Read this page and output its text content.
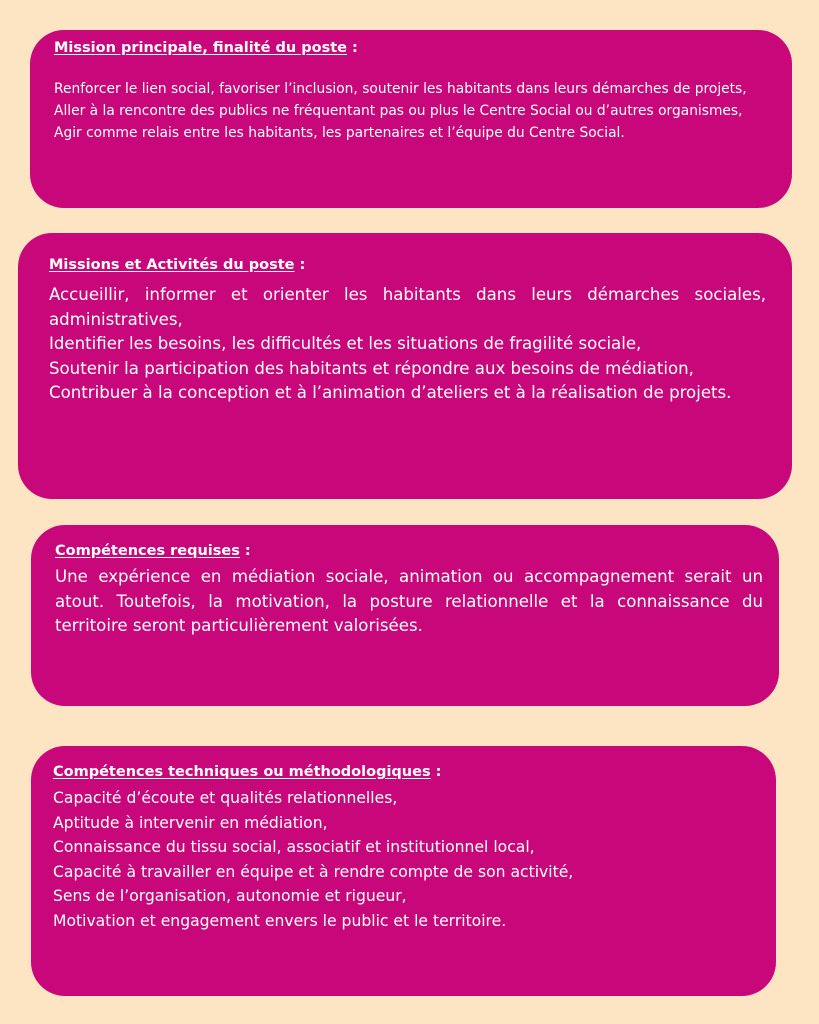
Mission principale, finalité du poste :

Renforcer le lien social, favoriser l’inclusion, soutenir les habitants dans leurs démarches de projets,
Aller à la rencontre des publics ne fréquentant pas ou plus le Centre Social ou d’autres organismes,
Agir comme relais entre les habitants, les partenaires et l’équipe du Centre Social.

Missions et Activités du poste :

Accueillir, informer et orienter les habitants dans leurs démarches sociales, administratives,
Identifier les besoins, les difficultés et les situations de fragilité sociale,
Soutenir la participation des habitants et répondre aux besoins de médiation,
Contribuer à la conception et à l’animation d’ateliers et à la réalisation de projets.

Compétences requises :

Une expérience en médiation sociale, animation ou accompagnement serait un atout. Toutefois, la motivation, la posture relationnelle et la connaissance du territoire seront particulièrement valorisées.

Compétences techniques ou méthodologiques :

Capacité d’écoute et qualités relationnelles,
Aptitude à intervenir en médiation,
Connaissance du tissu social, associatif et institutionnel local,
Capacité à travailler en équipe et à rendre compte de son activité,
Sens de l’organisation, autonomie et rigueur,
Motivation et engagement envers le public et le territoire.
